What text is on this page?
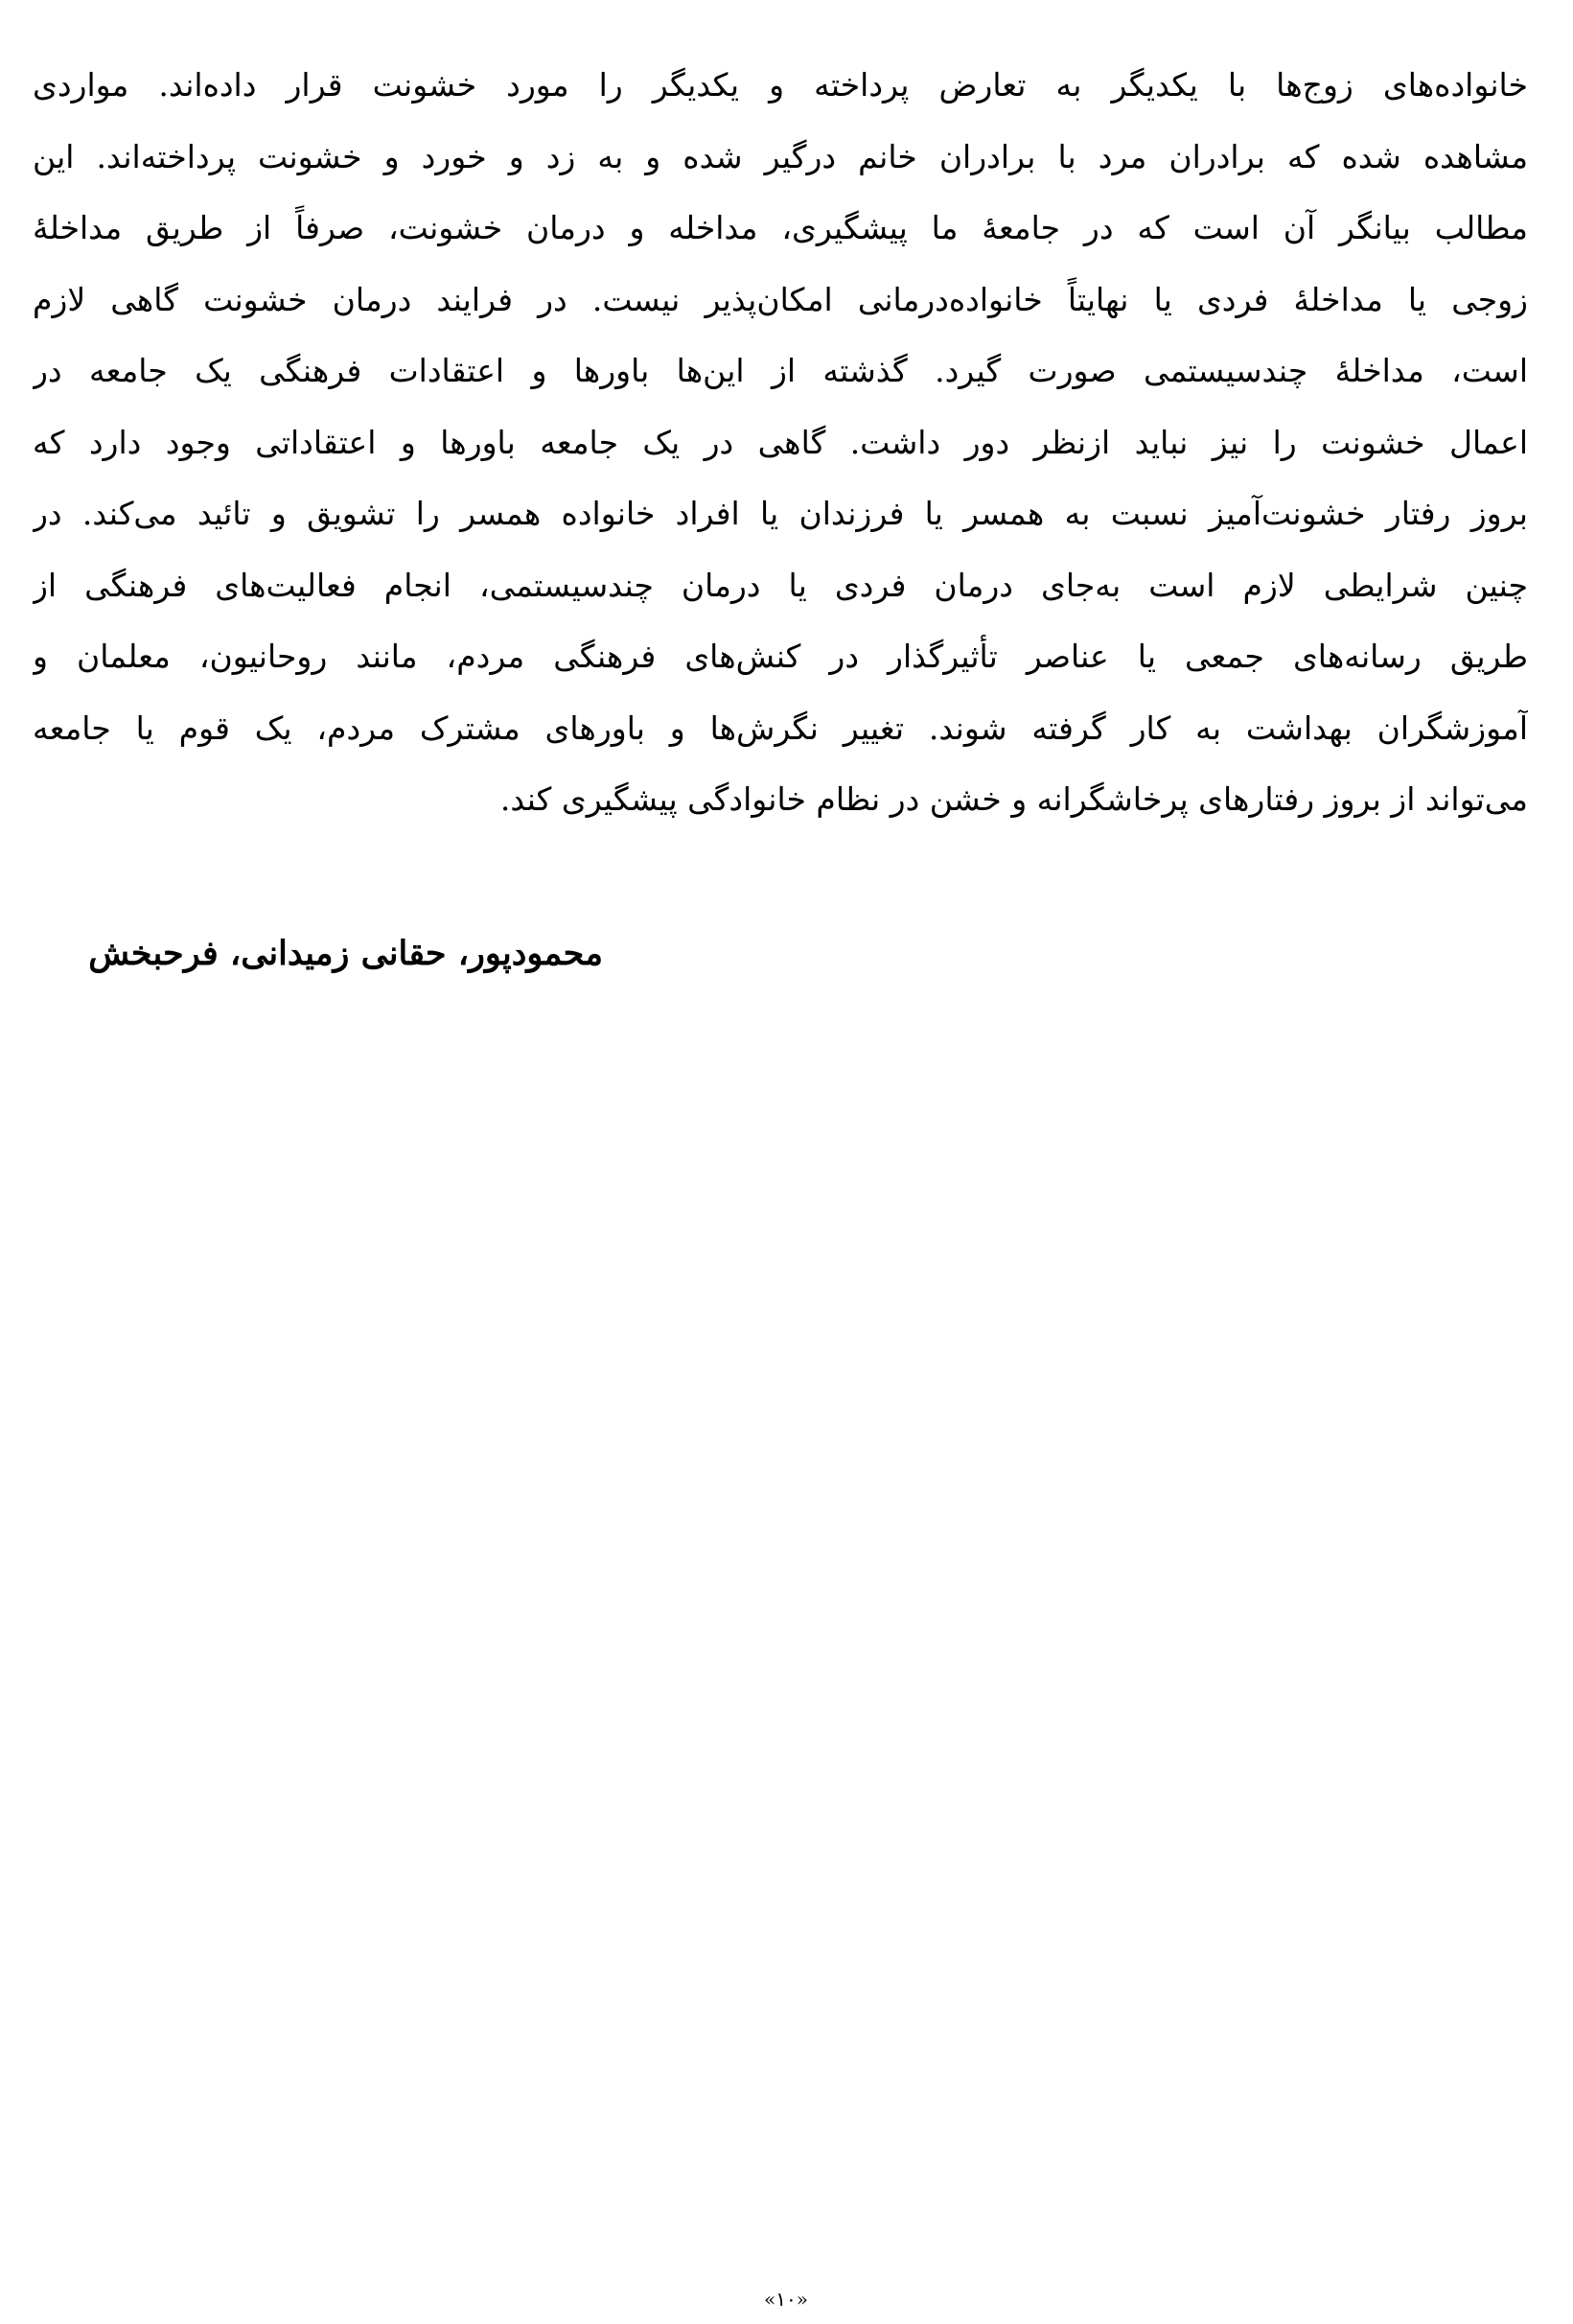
خانواده‌های زوج‌ها با یکدیگر به تعارض پرداخته و یکدیگر را مورد خشونت قرار داده‌اند. مواردی
مشاهده شده که برادران مرد با برادران خانم درگیر شده و به زد و خورد و خشونت پرداخته‌اند. این
مطالب بیانگر آن است که در جامعهٔ ما پیشگیری، مداخله و درمان خشونت، صرفاً از طریق مداخلهٔ
زوجی یا مداخلهٔ فردی یا نهایتاً خانواده‌درمانی امکان‌پذیر نیست. در فرایند درمان خشونت گاهی لازم
است، مداخلهٔ چندسیستمی صورت گیرد. گذشته از این‌ها باورها و اعتقادات فرهنگی یک جامعه در
اعمال خشونت را نیز نباید ازنظر دور داشت. گاهی در یک جامعه باورها و اعتقاداتی وجود دارد که
بروز رفتار خشونت‌آمیز نسبت به همسر یا فرزندان یا افراد خانواده همسر را تشویق و تائید می‌کند. در
چنین شرایطی لازم است به‌جای درمان فردی یا درمان چندسیستمی، انجام فعالیت‌های فرهنگی از
طریق رسانه‌های جمعی یا عناصر تأثیرگذار در کنش‌های فرهنگی مردم، مانند روحانیون، معلمان و
آموزشگران بهداشت به کار گرفته شوند. تغییر نگرش‌ها و باورهای مشترک مردم، یک قوم یا جامعه
می‌تواند از بروز رفتارهای پرخاشگرانه و خشن در نظام خانوادگی پیشگیری کند.
محمودپور، حقانی زمیدانی، فرحبخش
«۱۰»
